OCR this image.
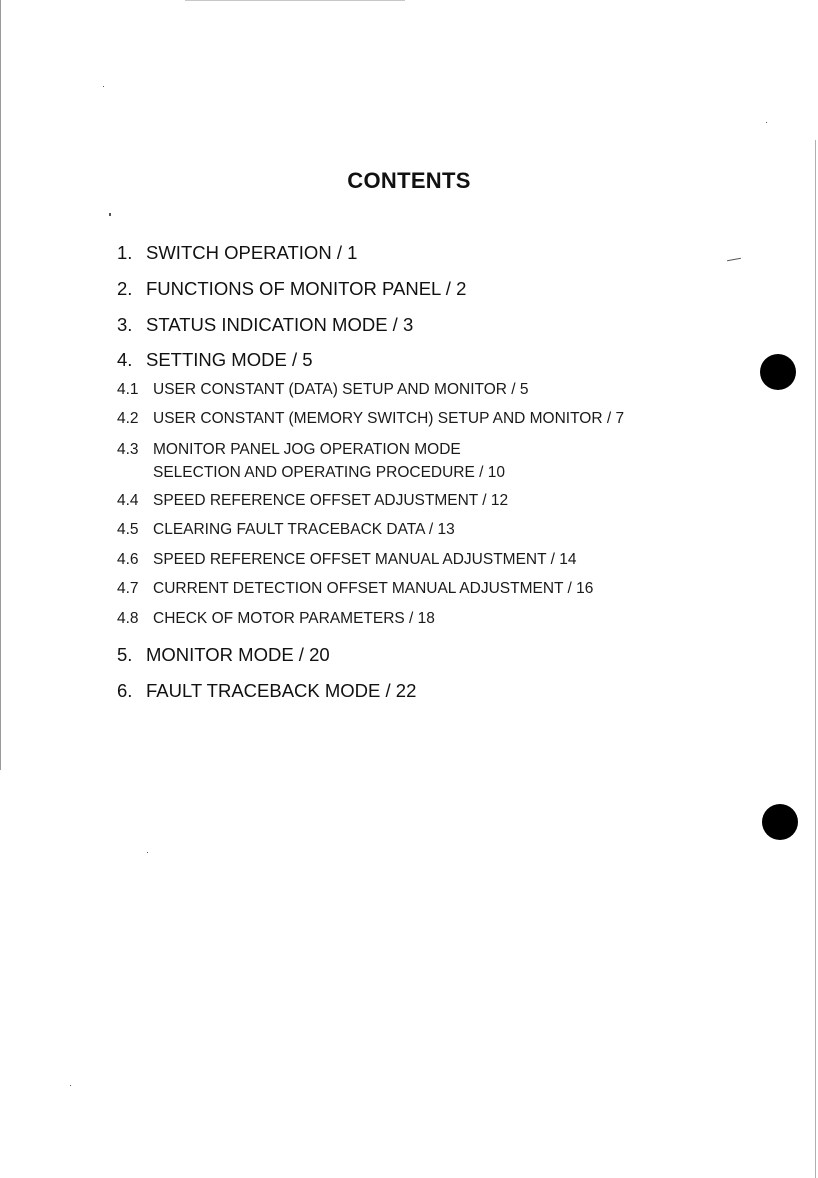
CONTENTS
1. SWITCH OPERATION / 1
2. FUNCTIONS OF MONITOR PANEL / 2
3. STATUS INDICATION MODE / 3
4. SETTING MODE / 5
4.1 USER CONSTANT (DATA) SETUP AND MONITOR / 5
4.2 USER CONSTANT (MEMORY SWITCH) SETUP AND MONITOR / 7
4.3 MONITOR PANEL JOG OPERATION MODE
SELECTION AND OPERATING PROCEDURE / 10
4.4 SPEED REFERENCE OFFSET ADJUSTMENT / 12
4.5 CLEARING FAULT TRACEBACK DATA / 13
4.6 SPEED REFERENCE OFFSET MANUAL ADJUSTMENT / 14
4.7 CURRENT DETECTION OFFSET MANUAL ADJUSTMENT / 16
4.8 CHECK OF MOTOR PARAMETERS / 18
5. MONITOR MODE / 20
6. FAULT TRACEBACK MODE / 22
